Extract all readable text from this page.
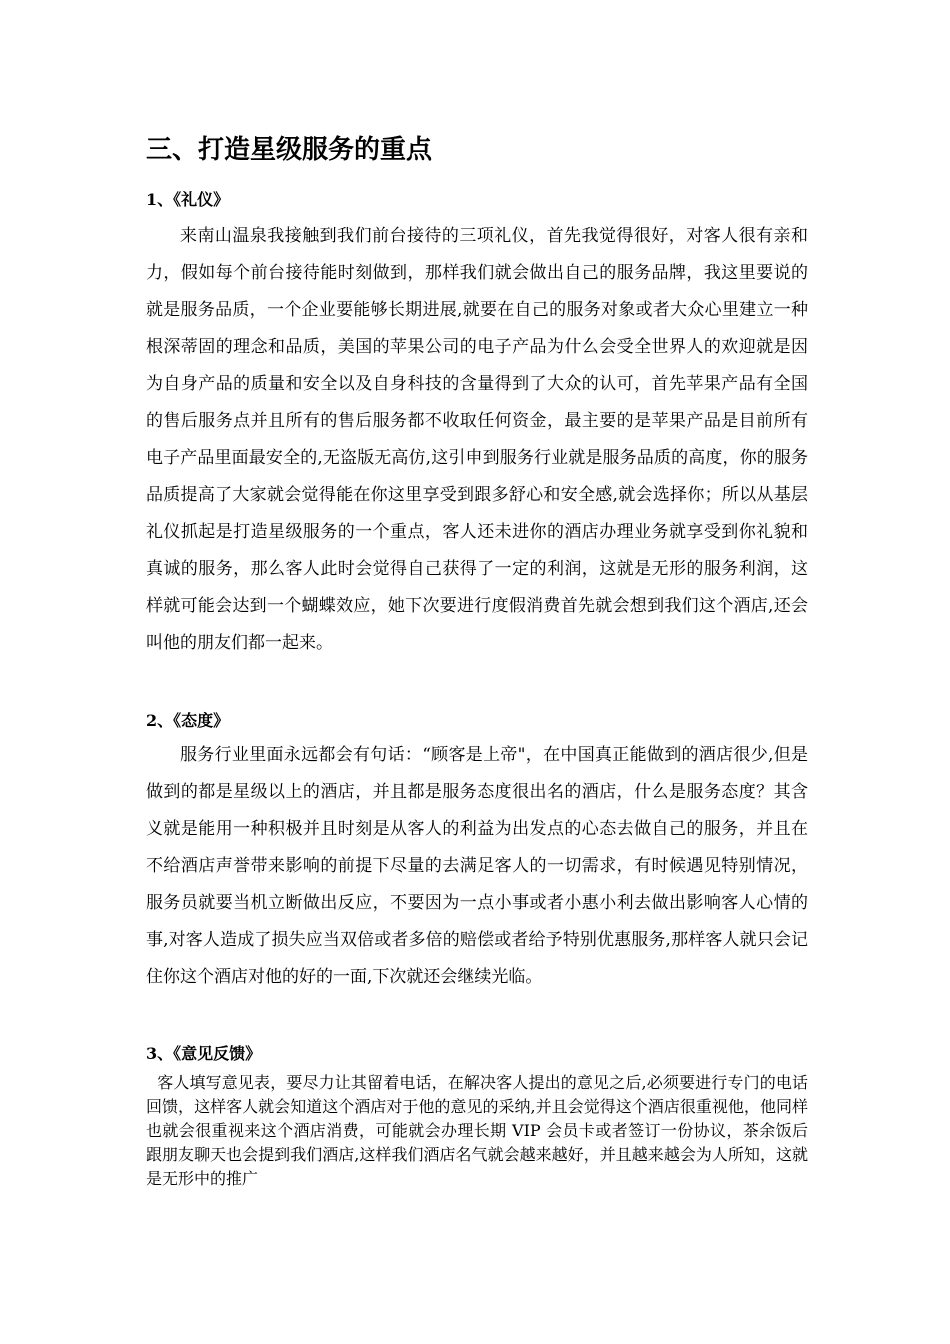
三、打造星级服务的重点
1、《礼仪》

来南山温泉我接触到我们前台接待的三项礼仪，首先我觉得很好，对客人很有亲和力，假如每个前台接待能时刻做到，那样我们就会做出自己的服务品牌，我这里要说的就是服务品质，一个企业要能够长期进展,就要在自己的服务对象或者大众心里建立一种根深蒂固的理念和品质，美国的苹果公司的电子产品为什么会受全世界人的欢迎就是因为自身产品的质量和安全以及自身科技的含量得到了大众的认可，首先苹果产品有全国的售后服务点并且所有的售后服务都不收取任何资金，最主要的是苹果产品是目前所有电子产品里面最安全的,无盗版无高仿,这引申到服务行业就是服务品质的高度，你的服务品质提高了大家就会觉得能在你这里享受到跟多舒心和安全感,就会选择你；所以从基层礼仪抓起是打造星级服务的一个重点，客人还未进你的酒店办理业务就享受到你礼貌和真诚的服务，那么客人此时会觉得自己获得了一定的利润，这就是无形的服务利润，这样就可能会达到一个蝴蝶效应，她下次要进行度假消费首先就会想到我们这个酒店,还会叫他的朋友们都一起来。

2、《态度》

服务行业里面永远都会有句话：“顾客是上帝"，在中国真正能做到的酒店很少,但是做到的都是星级以上的酒店，并且都是服务态度很出名的酒店，什么是服务态度？其含义就是能用一种积极并且时刻是从客人的利益为出发点的心态去做自己的服务，并且在不给酒店声誉带来影响的前提下尽量的去满足客人的一切需求，有时候遇见特别情况，服务员就要当机立断做出反应，不要因为一点小事或者小惠小利去做出影响客人心情的事,对客人造成了损失应当双倍或者多倍的赔偿或者给予特别优惠服务,那样客人就只会记住你这个酒店对他的好的一面,下次就还会继续光临。

3、《意见反馈》

客人填写意见表，要尽力让其留着电话，在解决客人提出的意见之后,必须要进行专门的电话回馈，这样客人就会知道这个酒店对于他的意见的采纳,并且会觉得这个酒店很重视他，他同样也就会很重视来这个酒店消费，可能就会办理长期 VIP 会员卡或者签订一份协议，茶余饭后跟朋友聊天也会提到我们酒店,这样我们酒店名气就会越来越好，并且越来越会为人所知，这就是无形中的推广
